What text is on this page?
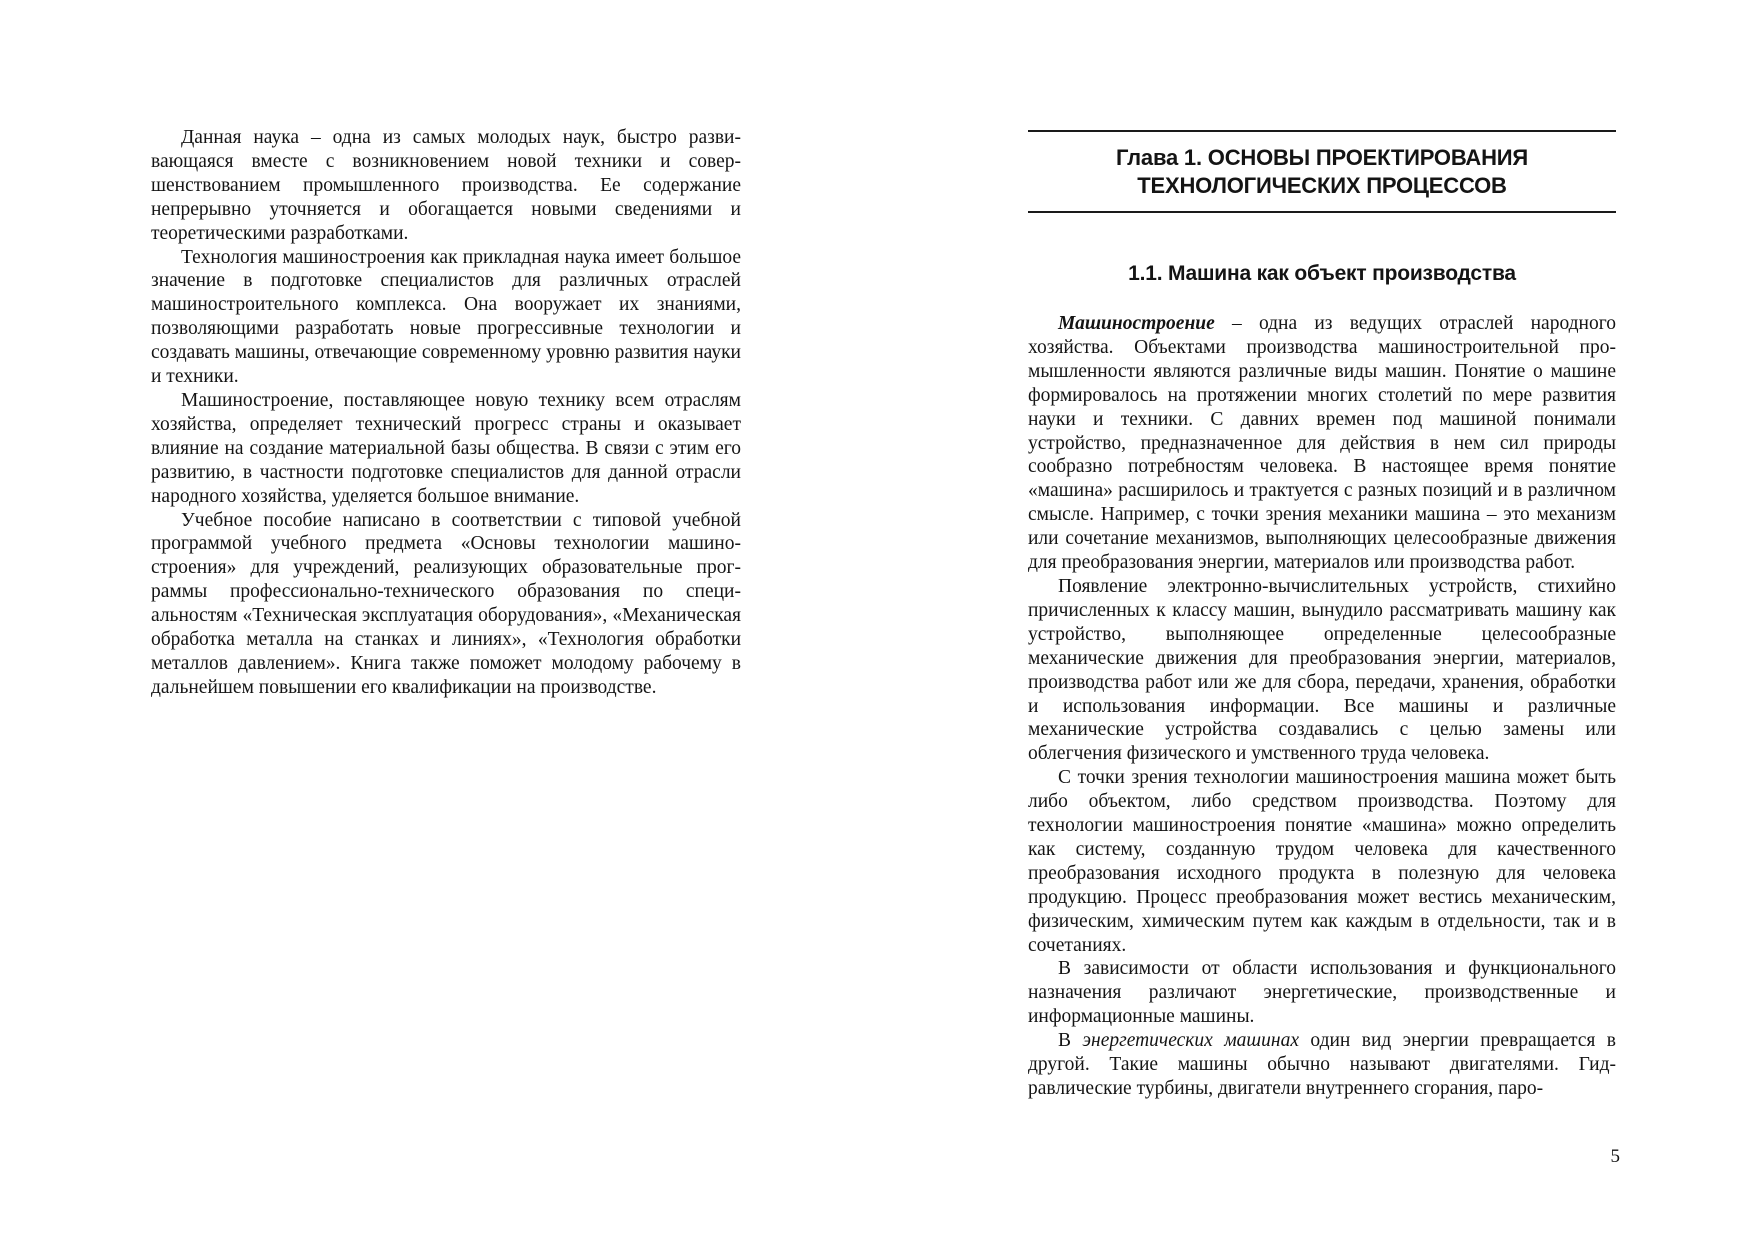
Данная наука – одна из самых молодых наук, быстро развивающаяся вместе с возникновением новой техники и совершенствованием промышленного производства. Ее содержание непрерывно уточняется и обогащается новыми сведениями и теоретическими разработками.

Технология машиностроения как прикладная наука имеет большое значение в подготовке специалистов для различных отраслей машиностроительного комплекса. Она вооружает их знаниями, позволяющими разработать новые прогрессивные технологии и создавать машины, отвечающие современному уровню развития науки и техники.

Машиностроение, поставляющее новую технику всем отраслям хозяйства, определяет технический прогресс страны и оказывает влияние на создание материальной базы общества. В связи с этим его развитию, в частности подготовке специалистов для данной отрасли народного хозяйства, уделяется большое внимание.

Учебное пособие написано в соответствии с типовой учебной программой учебного предмета «Основы технологии машиностроения» для учреждений, реализующих образовательные программы профессионально-технического образования по специальностям «Техническая эксплуатация оборудования», «Механическая обработка металла на станках и линиях», «Технология обработки металлов давлением». Книга также поможет молодому рабочему в дальнейшем повышении его квалификации на производстве.

Глава 1. ОСНОВЫ ПРОЕКТИРОВАНИЯ
ТЕХНОЛОГИЧЕСКИХ ПРОЦЕССОВ
1.1. Машина как объект производства

Машиностроение – одна из ведущих отраслей народного хозяйства. Объектами производства машиностроительной промышленности являются различные виды машин. Понятие о машине формировалось на протяжении многих столетий по мере развития науки и техники. С давних времен под машиной понимали устройство, предназначенное для действия в нем сил природы сообразно потребностям человека. В настоящее время понятие «машина» расширилось и трактуется с разных позиций и в различном смысле. Например, с точки зрения механики машина – это механизм или сочетание механизмов, выполняющих целесообразные движения для преобразования энергии, материалов или производства работ.

Появление электронно-вычислительных устройств, стихийно причисленных к классу машин, вынудило рассматривать машину как устройство, выполняющее определенные целесообразные механические движения для преобразования энергии, материалов, производства работ или же для сбора, передачи, хранения, обработки и использования информации. Все машины и различные механические устройства создавались с целью замены или облегчения физического и умственного труда человека.

С точки зрения технологии машиностроения машина может быть либо объектом, либо средством производства. Поэтому для технологии машиностроения понятие «машина» можно определить как систему, созданную трудом человека для качественного преобразования исходного продукта в полезную для человека продукцию. Процесс преобразования может вестись механическим, физическим, химическим путем как каждым в отдельности, так и в сочетаниях.

В зависимости от области использования и функционального назначения различают энергетические, производственные и информационные машины.

В энергетических машинах один вид энергии превращается в другой. Такие машины обычно называют двигателями. Гидравлические турбины, двигатели внутреннего сгорания, паро-

5
